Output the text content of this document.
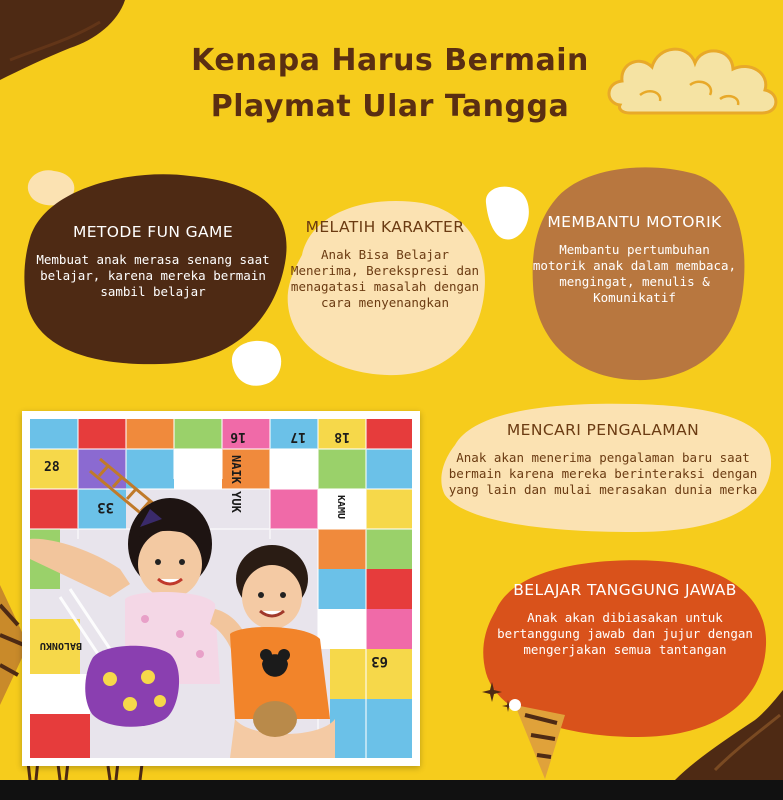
Kenapa Harus Bermain
Playmat Ular Tangga
METODE FUN GAME
Membuat anak merasa senang saat belajar, karena mereka bermain sambil belajar
MELATIH KARAKTER
Anak Bisa Belajar Menerima, Berekspresi dan menagatasi masalah dengan cara menyenangkan
MEMBANTU MOTORIK
Membantu pertumbuhan motorik anak dalam membaca, mengingat, menulis & Komunikatif
MENCARI PENGALAMAN
Anak akan menerima pengalaman baru saat bermain karena mereka berinteraksi dengan yang lain dan mulai merasakan dunia merka
BELAJAR TANGGUNG JAWAB
Anak akan dibiasakan untuk bertanggung jawab dan jujur dengan mengerjakan semua tantangan
16	17 18
28
33	NAIK YUK
63
BALONKU
KAMU
